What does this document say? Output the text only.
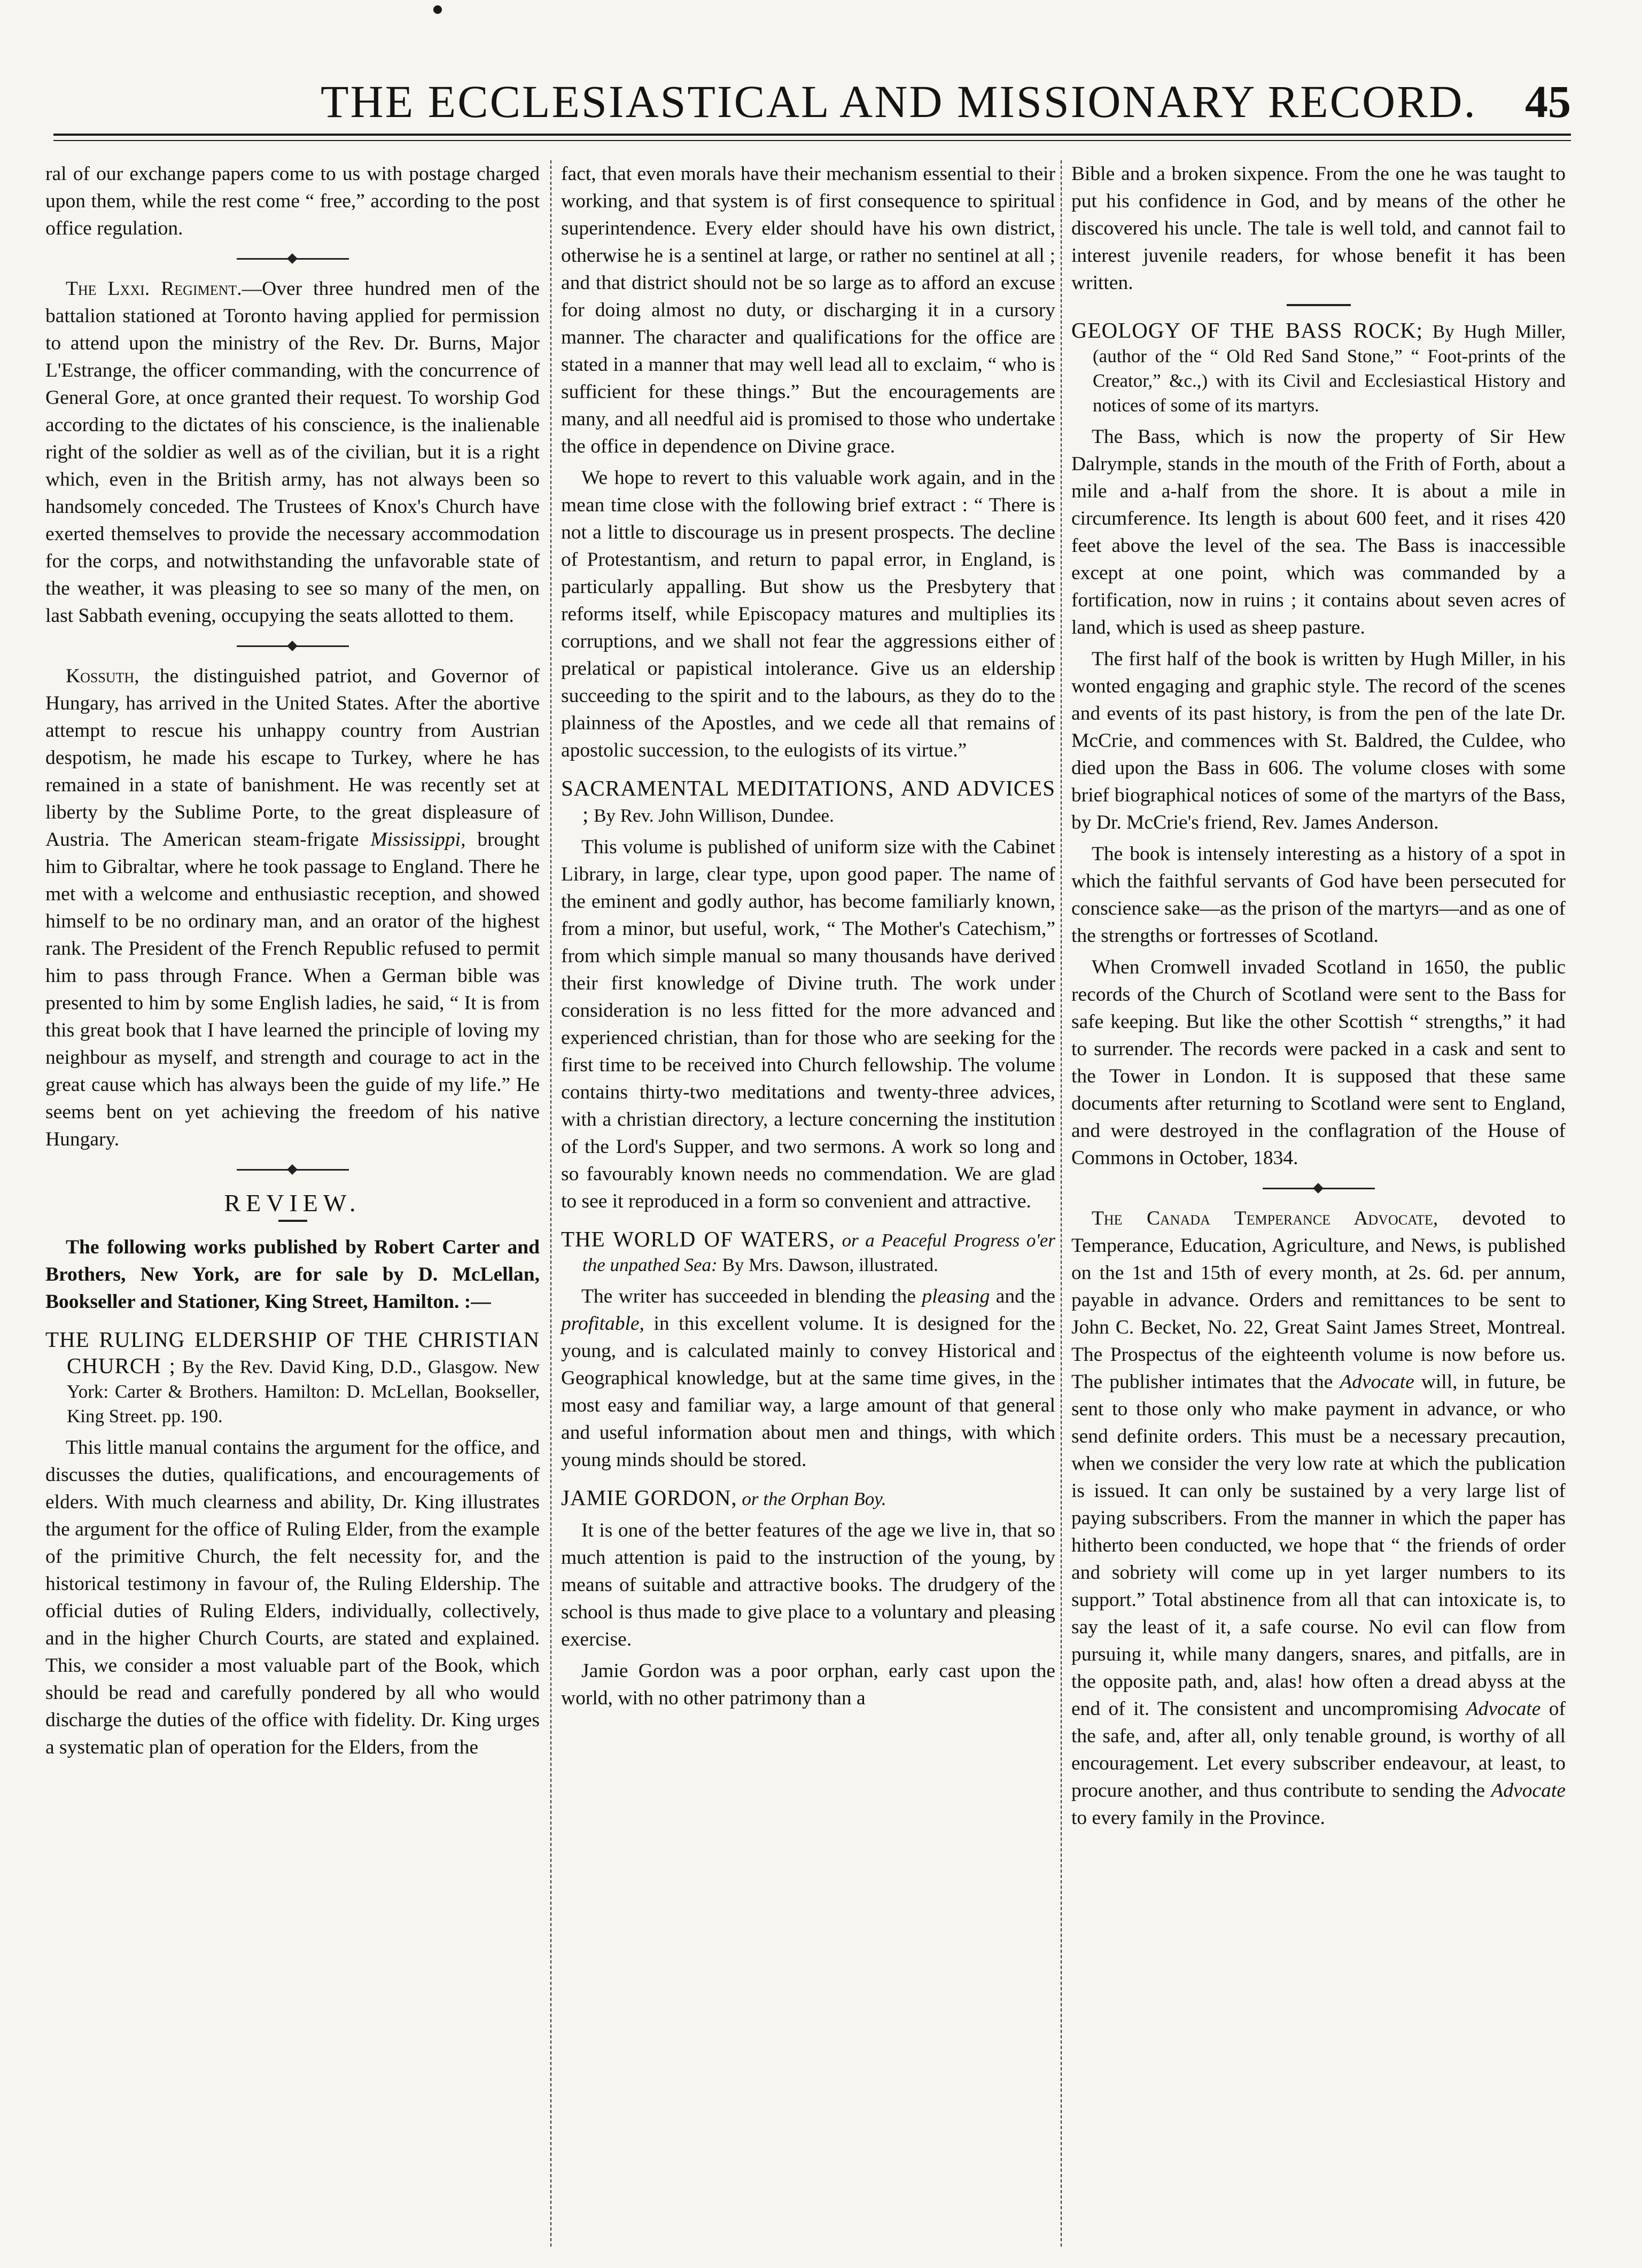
THE ECCLESIASTICAL AND MISSIONARY RECORD. 45

ral of our exchange papers come to us with postage charged upon them, while the rest come “ free,” according to the post office regulation.

The Lxxi. Regiment.—Over three hundred men of the battalion stationed at Toronto having applied for permission to attend upon the ministry of the Rev. Dr. Burns, Major L'Estrange, the officer commanding, with the concurrence of General Gore, at once granted their request. To worship God according to the dictates of his conscience, is the inalienable right of the soldier as well as of the civilian, but it is a right which, even in the British army, has not always been so handsomely conceded. The Trustees of Knox's Church have exerted themselves to provide the necessary accommodation for the corps, and notwithstanding the unfavorable state of the weather, it was pleasing to see so many of the men, on last Sabbath evening, occupying the seats allotted to them.

Kossuth, the distinguished patriot, and Governor of Hungary, has arrived in the United States. After the abortive attempt to rescue his unhappy country from Austrian despotism, he made his escape to Turkey, where he has remained in a state of banishment. He was recently set at liberty by the Sublime Porte, to the great displeasure of Austria. The American steam-frigate Mississippi, brought him to Gibraltar, where he took passage to England. There he met with a welcome and enthusiastic reception, and showed himself to be no ordinary man, and an orator of the highest rank. The President of the French Republic refused to permit him to pass through France. When a German bible was presented to him by some English ladies, he said, “ It is from this great book that I have learned the principle of loving my neighbour as myself, and strength and courage to act in the great cause which has always been the guide of my life.” He seems bent on yet achieving the freedom of his native Hungary.

REVIEW.

The following works published by Robert Carter and Brothers, New York, are for sale by D. McLellan, Bookseller and Stationer, King Street, Hamilton. :—

THE RULING ELDERSHIP OF THE CHRISTIAN CHURCH ; By the Rev. David King, D.D., Glasgow. New York: Carter & Brothers. Hamilton: D. McLellan, Bookseller, King Street. pp. 190.

This little manual contains the argument for the office, and discusses the duties, qualifications, and encouragements of elders. With much clearness and ability, Dr. King illustrates the argument for the office of Ruling Elder, from the example of the primitive Church, the felt necessity for, and the historical testimony in favour of, the Ruling Eldership. The official duties of Ruling Elders, individually, collectively, and in the higher Church Courts, are stated and explained. This, we consider a most valuable part of the Book, which should be read and carefully pondered by all who would discharge the duties of the office with fidelity. Dr. King urges a systematic plan of operation for the Elders, from the

fact, that even morals have their mechanism essential to their working, and that system is of first consequence to spiritual superintendence. Every elder should have his own district, otherwise he is a sentinel at large, or rather no sentinel at all ; and that district should not be so large as to afford an excuse for doing almost no duty, or discharging it in a cursory manner. The character and qualifications for the office are stated in a manner that may well lead all to exclaim, “ who is sufficient for these things.” But the encouragements are many, and all needful aid is promised to those who undertake the office in dependence on Divine grace.

We hope to revert to this valuable work again, and in the mean time close with the following brief extract : “ There is not a little to discourage us in present prospects. The decline of Protestantism, and return to papal error, in England, is particularly appalling. But show us the Presbytery that reforms itself, while Episcopacy matures and multiplies its corruptions, and we shall not fear the aggressions either of prelatical or papistical intolerance. Give us an eldership succeeding to the spirit and to the labours, as they do to the plainness of the Apostles, and we cede all that remains of apostolic succession, to the eulogists of its virtue.”

SACRAMENTAL MEDITATIONS, AND ADVICES ; By Rev. John Willison, Dundee.

This volume is published of uniform size with the Cabinet Library, in large, clear type, upon good paper. The name of the eminent and godly author, has become familiarly known, from a minor, but useful, work, “ The Mother's Catechism,” from which simple manual so many thousands have derived their first knowledge of Divine truth. The work under consideration is no less fitted for the more advanced and experienced christian, than for those who are seeking for the first time to be received into Church fellowship. The volume contains thirty-two meditations and twenty-three advices, with a christian directory, a lecture concerning the institution of the Lord's Supper, and two sermons. A work so long and so favourably known needs no commendation. We are glad to see it reproduced in a form so convenient and attractive.

THE WORLD OF WATERS, or a Peaceful Progress o'er the unpathed Sea: By Mrs. Dawson, illustrated.

The writer has succeeded in blending the pleasing and the profitable, in this excellent volume. It is designed for the young, and is calculated mainly to convey Historical and Geographical knowledge, but at the same time gives, in the most easy and familiar way, a large amount of that general and useful information about men and things, with which young minds should be stored.

JAMIE GORDON, or the Orphan Boy.

It is one of the better features of the age we live in, that so much attention is paid to the instruction of the young, by means of suitable and attractive books. The drudgery of the school is thus made to give place to a voluntary and pleasing exercise.

Jamie Gordon was a poor orphan, early cast upon the world, with no other patrimony than a

Bible and a broken sixpence. From the one he was taught to put his confidence in God, and by means of the other he discovered his uncle. The tale is well told, and cannot fail to interest juvenile readers, for whose benefit it has been written.

GEOLOGY OF THE BASS ROCK; By Hugh Miller, (author of the “ Old Red Sand Stone,” “ Foot-prints of the Creator,” &c.,) with its Civil and Ecclesiastical History and notices of some of its martyrs.

The Bass, which is now the property of Sir Hew Dalrymple, stands in the mouth of the Frith of Forth, about a mile and a-half from the shore. It is about a mile in circumference. Its length is about 600 feet, and it rises 420 feet above the level of the sea. The Bass is inaccessible except at one point, which was commanded by a fortification, now in ruins ; it contains about seven acres of land, which is used as sheep pasture.

The first half of the book is written by Hugh Miller, in his wonted engaging and graphic style. The record of the scenes and events of its past history, is from the pen of the late Dr. McCrie, and commences with St. Baldred, the Culdee, who died upon the Bass in 606. The volume closes with some brief biographical notices of some of the martyrs of the Bass, by Dr. McCrie's friend, Rev. James Anderson.

The book is intensely interesting as a history of a spot in which the faithful servants of God have been persecuted for conscience sake—as the prison of the martyrs—and as one of the strengths or fortresses of Scotland.

When Cromwell invaded Scotland in 1650, the public records of the Church of Scotland were sent to the Bass for safe keeping. But like the other Scottish “ strengths,” it had to surrender. The records were packed in a cask and sent to the Tower in London. It is supposed that these same documents after returning to Scotland were sent to England, and were destroyed in the conflagration of the House of Commons in October, 1834.

The Canada Temperance Advocate, devoted to Temperance, Education, Agriculture, and News, is published on the 1st and 15th of every month, at 2s. 6d. per annum, payable in advance. Orders and remittances to be sent to John C. Becket, No. 22, Great Saint James Street, Montreal. The Prospectus of the eighteenth volume is now before us. The publisher intimates that the Advocate will, in future, be sent to those only who make payment in advance, or who send definite orders. This must be a necessary precaution, when we consider the very low rate at which the publication is issued. It can only be sustained by a very large list of paying subscribers. From the manner in which the paper has hitherto been conducted, we hope that “ the friends of order and sobriety will come up in yet larger numbers to its support.” Total abstinence from all that can intoxicate is, to say the least of it, a safe course. No evil can flow from pursuing it, while many dangers, snares, and pitfalls, are in the opposite path, and, alas! how often a dread abyss at the end of it. The consistent and uncompromising Advocate of the safe, and, after all, only tenable ground, is worthy of all encouragement. Let every subscriber endeavour, at least, to procure another, and thus contribute to sending the Advocate to every family in the Province.
